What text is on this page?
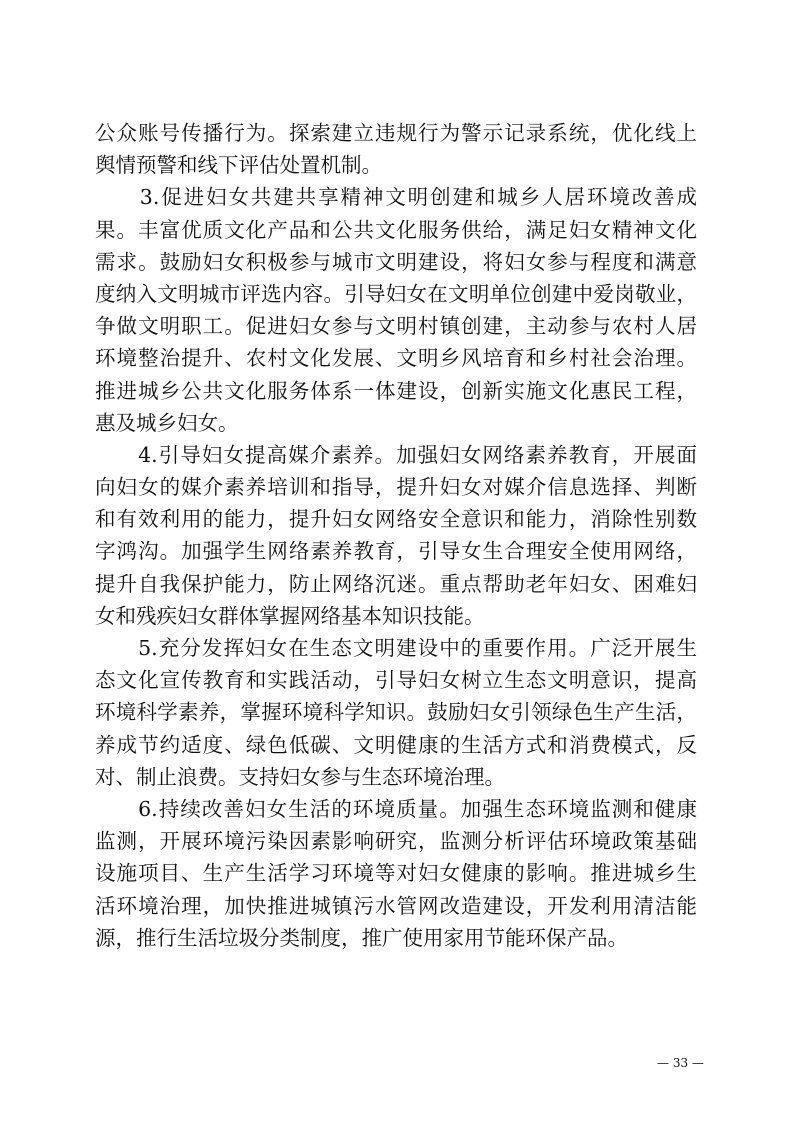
公众账号传播行为。探索建立违规行为警示记录系统，优化线上
舆情预警和线下评估处置机制。
　　3.促进妇女共建共享精神文明创建和城乡人居环境改善成
果。丰富优质文化产品和公共文化服务供给，满足妇女精神文化
需求。鼓励妇女积极参与城市文明建设，将妇女参与程度和满意
度纳入文明城市评选内容。引导妇女在文明单位创建中爱岗敬业，
争做文明职工。促进妇女参与文明村镇创建，主动参与农村人居
环境整治提升、农村文化发展、文明乡风培育和乡村社会治理。
推进城乡公共文化服务体系一体建设，创新实施文化惠民工程，
惠及城乡妇女。
　　4.引导妇女提高媒介素养。加强妇女网络素养教育，开展面
向妇女的媒介素养培训和指导，提升妇女对媒介信息选择、判断
和有效利用的能力，提升妇女网络安全意识和能力，消除性别数
字鸿沟。加强学生网络素养教育，引导女生合理安全使用网络，
提升自我保护能力，防止网络沉迷。重点帮助老年妇女、困难妇
女和残疾妇女群体掌握网络基本知识技能。
　　5.充分发挥妇女在生态文明建设中的重要作用。广泛开展生
态文化宣传教育和实践活动，引导妇女树立生态文明意识，提高
环境科学素养，掌握环境科学知识。鼓励妇女引领绿色生产生活，
养成节约适度、绿色低碳、文明健康的生活方式和消费模式，反
对、制止浪费。支持妇女参与生态环境治理。
　　6.持续改善妇女生活的环境质量。加强生态环境监测和健康
监测，开展环境污染因素影响研究，监测分析评估环境政策基础
设施项目、生产生活学习环境等对妇女健康的影响。推进城乡生
活环境治理，加快推进城镇污水管网改造建设，开发利用清洁能
源，推行生活垃圾分类制度，推广使用家用节能环保产品。
— 33 —
